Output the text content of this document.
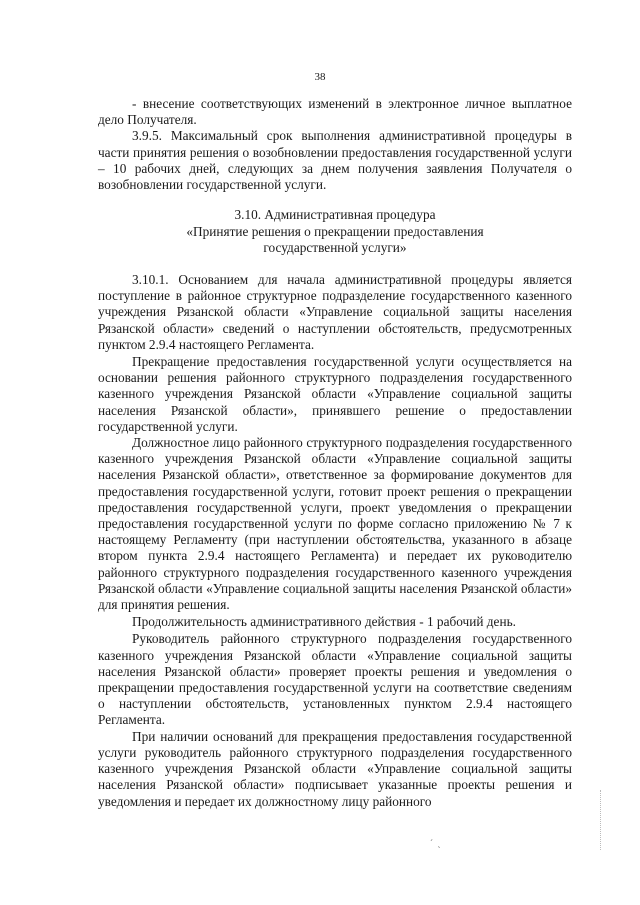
38

- внесение соответствующих изменений в электронное личное выплатное дело Получателя.

3.9.5. Максимальный срок выполнения административной процедуры в части принятия решения о возобновлении предоставления государственной услуги – 10 рабочих дней, следующих за днем получения заявления Получателя о возобновлении государственной услуги.

3.10. Административная процедура
«Принятие решения о прекращении предоставления
государственной услуги»

3.10.1. Основанием для начала административной процедуры является поступление в районное структурное подразделение государственного казенного учреждения Рязанской области «Управление социальной защиты населения Рязанской области» сведений о наступлении обстоятельств, предусмотренных пунктом 2.9.4 настоящего Регламента.

Прекращение предоставления государственной услуги осуществляется на основании решения районного структурного подразделения государственного казенного учреждения Рязанской области «Управление социальной защиты населения Рязанской области», принявшего решение о предоставлении государственной услуги.

Должностное лицо районного структурного подразделения государственного казенного учреждения Рязанской области «Управление социальной защиты населения Рязанской области», ответственное за формирование документов для предоставления государственной услуги, готовит проект решения о прекращении предоставления государственной услуги, проект уведомления о прекращении предоставления государственной услуги по форме согласно приложению № 7 к настоящему Регламенту (при наступлении обстоятельства, указанного в абзаце втором пункта 2.9.4 настоящего Регламента) и передает их руководителю районного структурного подразделения государственного казенного учреждения Рязанской области «Управление социальной защиты населения Рязанской области» для принятия решения.

Продолжительность административного действия - 1 рабочий день.

Руководитель районного структурного подразделения государственного казенного учреждения Рязанской области «Управление социальной защиты населения Рязанской области» проверяет проекты решения и уведомления о прекращении предоставления государственной услуги на соответствие сведениям о наступлении обстоятельств, установленных пунктом 2.9.4 настоящего Регламента.

При наличии оснований для прекращения предоставления государственной услуги руководитель районного структурного подразделения государственного казенного учреждения Рязанской области «Управление социальной защиты населения Рязанской области» подписывает указанные проекты решения и уведомления и передает их должностному лицу районного

ˊ  ˎ
